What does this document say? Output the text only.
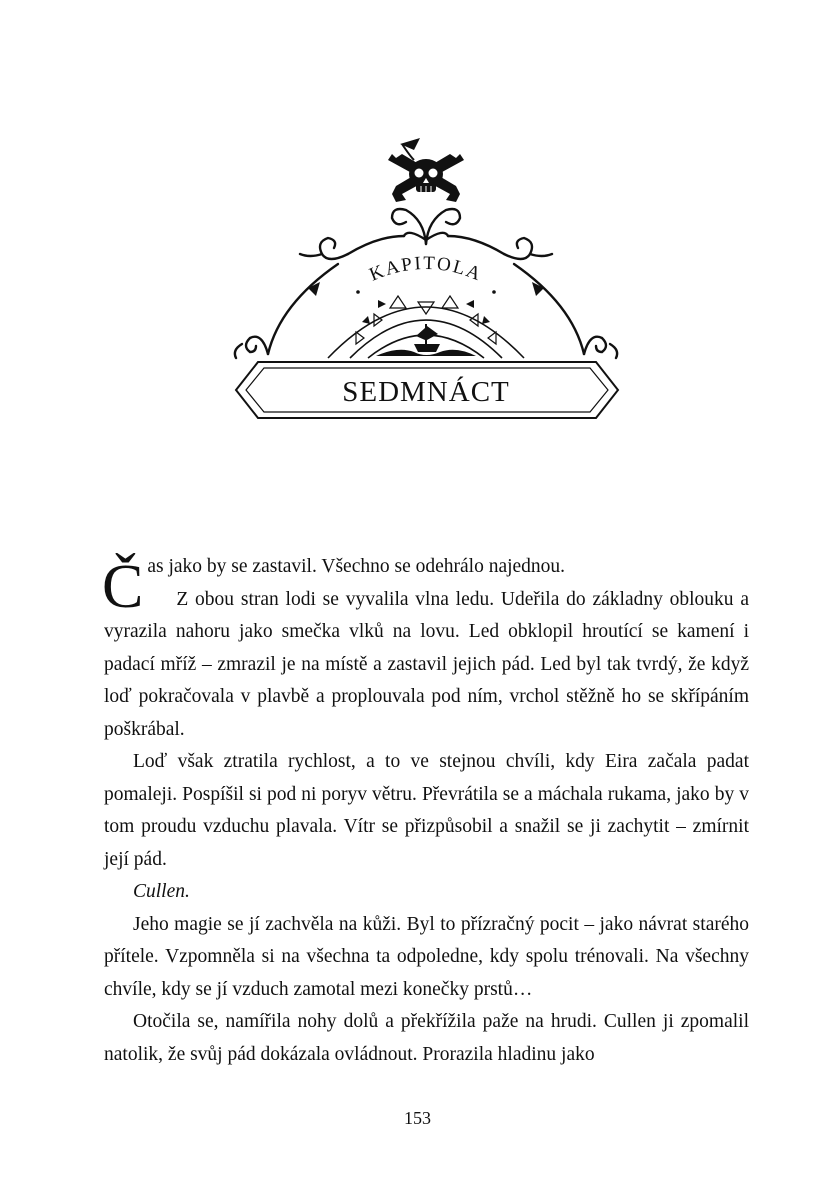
KAPITOLA
SEDMNÁCT

Čas jako by se zastavil. Všechno se odehrálo najednou.

Z obou stran lodi se vyvalila vlna ledu. Udeřila do základny oblouku a vyrazila nahoru jako smečka vlků na lovu. Led obklopil hroutící se kamení i padací mříž – zmrazil je na místě a zastavil jejich pád. Led byl tak tvrdý, že když loď pokračovala v plavbě a proplouvala pod ním, vrchol stěžně ho se skřípáním poškrábal.

Loď však ztratila rychlost, a to ve stejnou chvíli, kdy Eira začala padat pomaleji. Pospíšil si pod ni poryv větru. Převrátila se a máchala rukama, jako by v tom proudu vzduchu plavala. Vítr se přizpůsobil a snažil se ji zachytit – zmírnit její pád.

Cullen.

Jeho magie se jí zachvěla na kůži. Byl to přízračný pocit – jako návrat starého přítele. Vzpomněla si na všechna ta odpoledne, kdy spolu trénovali. Na všechny chvíle, kdy se jí vzduch zamotal mezi konečky prstů…

Otočila se, namířila nohy dolů a překřížila paže na hrudi. Cullen ji zpomalil natolik, že svůj pád dokázala ovládnout. Prorazila hladinu jako

153
